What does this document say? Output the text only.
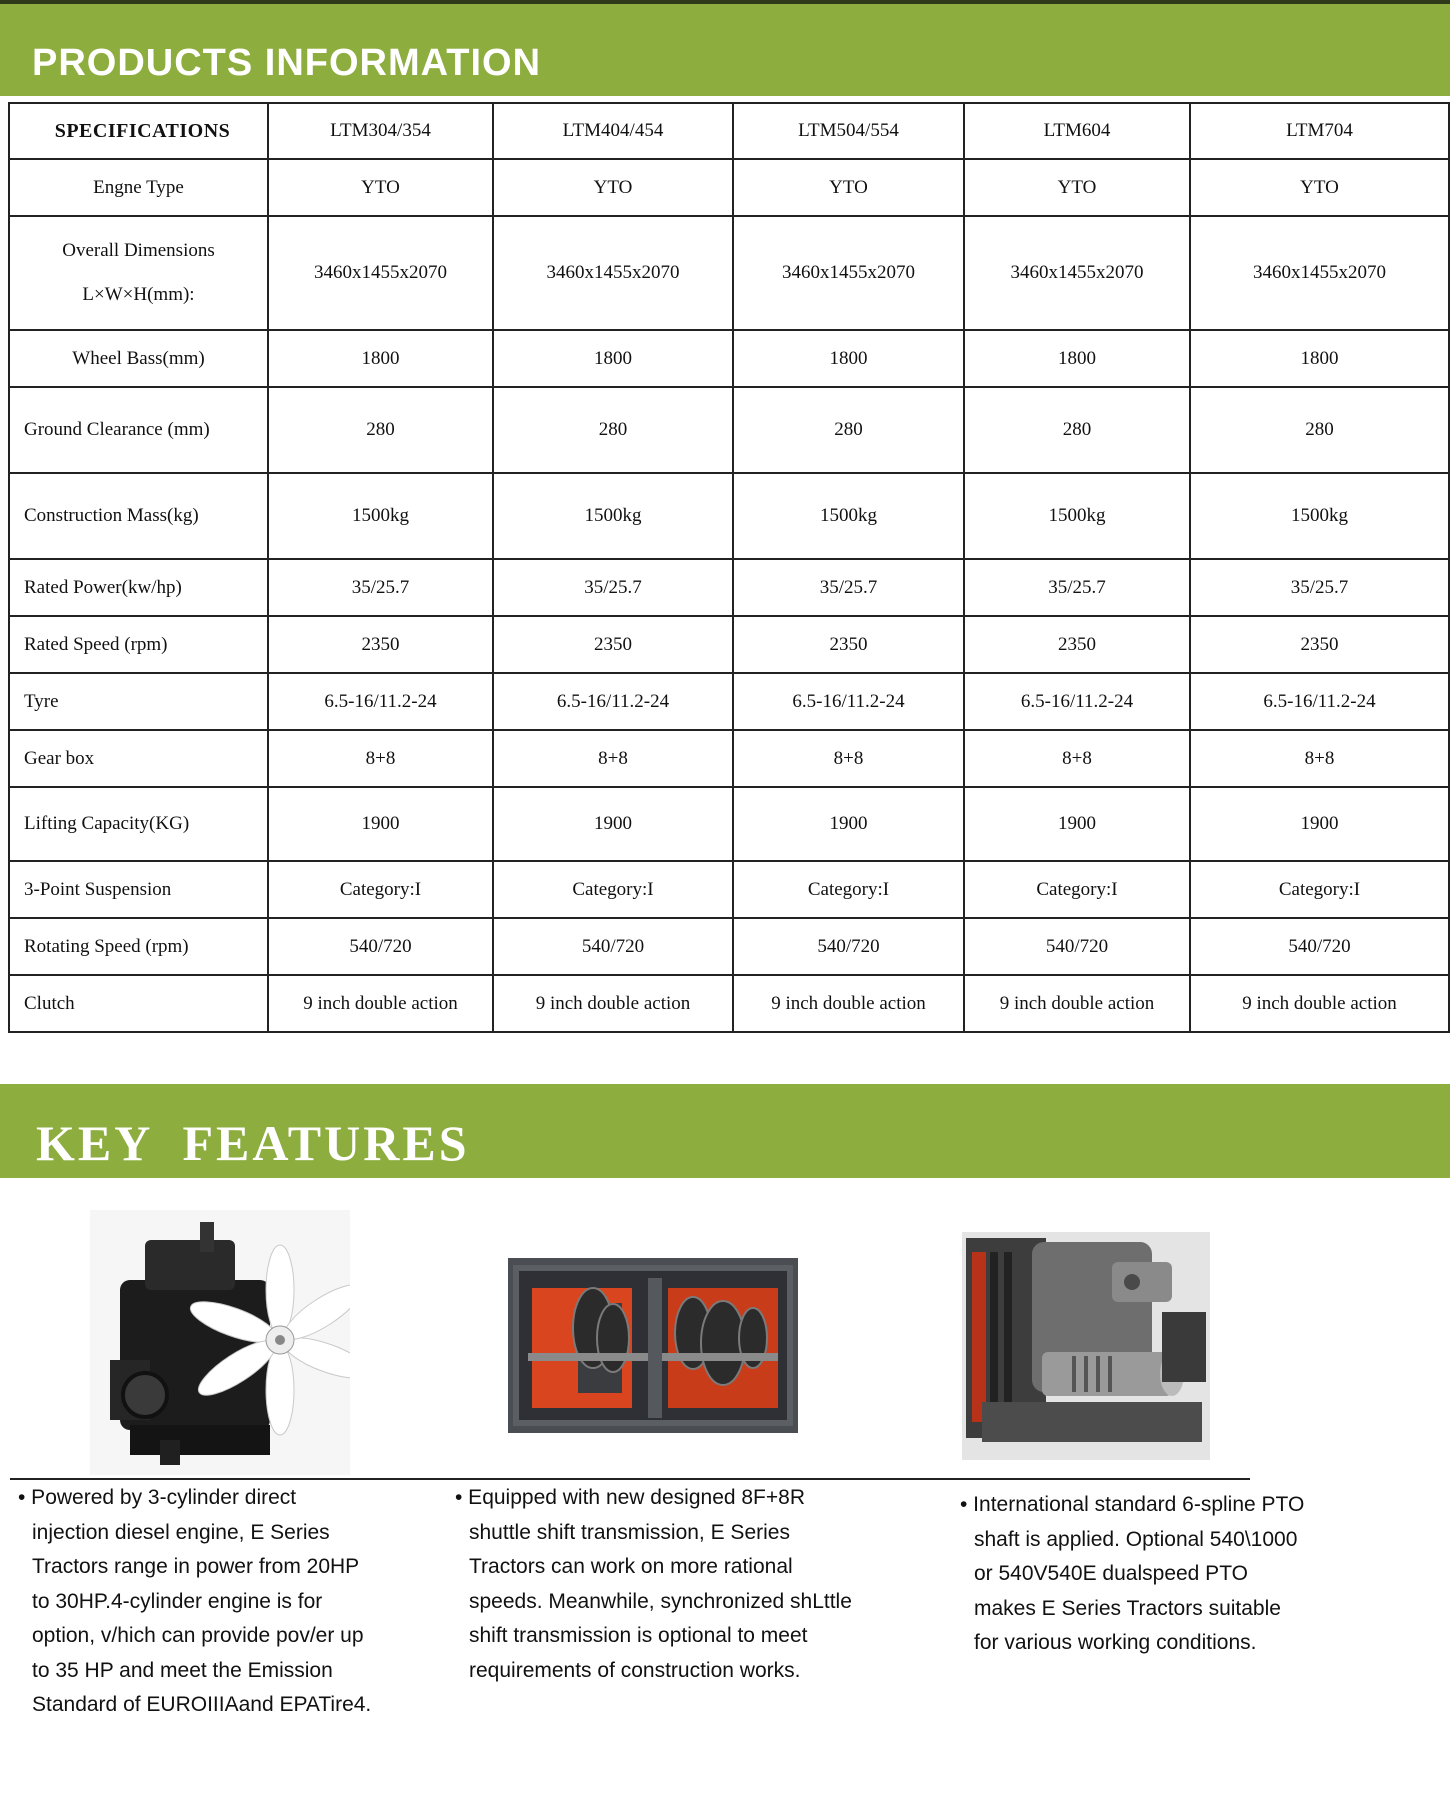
PRODUCTS INFORMATION
SPECIFICATIONS	LTM304/354	LTM404/454	LTM504/554	LTM604	LTM704
Engne Type	YTO	YTO	YTO	YTO	YTO

Overall Dimensions
L×W×H(mm):	3460x1455x2070	3460x1455x2070	3460x1455x2070	3460x1455x2070	3460x1455x2070
Wheel Bass(mm)	1800	1800	1800	1800	1800
Ground Clearance (mm)	280	280	280	280	280
Construction Mass(kg)	1500kg	1500kg	1500kg	1500kg	1500kg
Rated Power(kw/hp)	35/25.7	35/25.7	35/25.7	35/25.7	35/25.7
Rated Speed (rpm)	2350	2350	2350	2350	2350
Tyre	6.5-16/11.2-24	6.5-16/11.2-24	6.5-16/11.2-24	6.5-16/11.2-24	6.5-16/11.2-24
Gear box	8+8	8+8	8+8	8+8	8+8
Lifting Capacity(KG)	1900	1900	1900	1900	1900
3-Point Suspension	Category:I	Category:I	Category:I	Category:I	Category:I
Rotating Speed (rpm)	540/720	540/720	540/720	540/720	540/720
Clutch	9 inch double action	9 inch double action	9 inch double action	9 inch double action	9 inch double action
KEY  FEATURES
• Powered by 3-cylinder direct
injection diesel engine, E Series
Tractors range in power from 20HP
to 30HP.4-cylinder engine is for
option, v/hich can provide pov/er up
to 35 HP and meet the Emission
Standard of EUROIIIAand EPATire4.
• Equipped with new designed 8F+8R
shuttle shift transmission, E Series
Tractors can work on more rational
speeds. Meanwhile, synchronized shLttle
shift transmission is optional to meet
requirements of construction works.
• International standard 6-spline PTO
shaft is applied. Optional 540\1000
or 540V540E dualspeed PTO
makes E Series Tractors suitable
for various working conditions.
